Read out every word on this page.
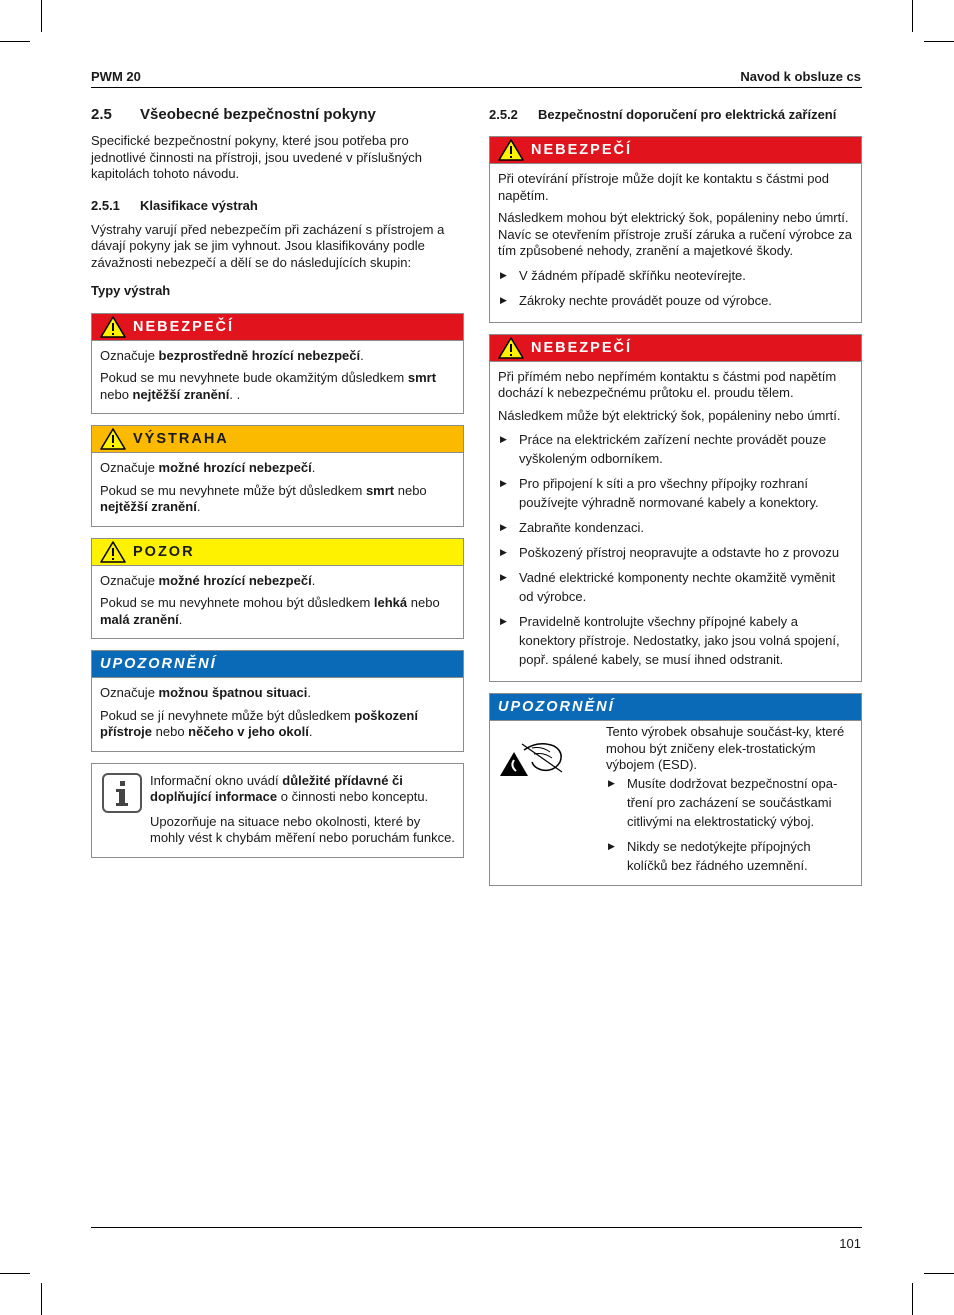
PWM 20	Navod k obsluze cs
2.5	Všeobecné bezpečnostní pokyny

Specifické bezpečnostní pokyny, které jsou potřeba pro jednotlivé činnosti na přístroji, jsou uvedené v příslušných kapitolách tohoto návodu.

2.5.1	Klasifikace výstrah

Výstrahy varují před nebezpečím při zacházení s přístrojem a dávají pokyny jak se jim vyhnout. Jsou klasifikovány podle závažnosti nebezpečí a dělí se do následujících skupin:

Typy výstrah

NEBEZPEČÍ

Označuje bezprostředně hrozící nebezpečí.

Pokud se mu nevyhnete bude okamžitým důsledkem smrt nebo nejtěžší zranění. .

VÝSTRAHA

Označuje možné hrozící nebezpečí.

Pokud se mu nevyhnete může být důsledkem smrt nebo nejtěžší zranění.

POZOR

Označuje možné hrozící nebezpečí.

Pokud se mu nevyhnete mohou být důsledkem lehká nebo malá zranění.

UPOZORNĚNÍ

Označuje možnou špatnou situaci.

Pokud se jí nevyhnete může být důsledkem poškození přístroje nebo něčeho v jeho okolí.

Informační okno uvádí důležité přídavné či doplňující informace o činnosti nebo konceptu.

Upozorňuje na situace nebo okolnosti, které by mohly vést k chybám měření nebo poruchám funkce.

2.5.2	Bezpečnostní doporučení pro elektrická zařízení
NEBEZPEČÍ

Při otevírání přístroje může dojít ke kontaktu s částmi pod napětím.

Následkem mohou být elektrický šok, popáleniny nebo úmrtí. Navíc se otevřením přístroje zruší záruka a ručení výrobce za tím způsobené nehody, zranění a majetkové škody.

▶ V žádném případě skříňku neotevírejte.
▶ Zákroky nechte provádět pouze od výrobce.
NEBEZPEČÍ

Při přímém nebo nepřímém kontaktu s částmi pod napětím dochází k nebezpečnému průtoku el. proudu tělem.

Následkem může být elektrický šok, popáleniny nebo úmrtí.

▶ Práce na elektrickém zařízení nechte provádět pouze vyškoleným odborníkem.
▶ Pro připojení k síti a pro všechny přípojky rozhraní používejte výhradně normované kabely a konektory.
▶ Zabraňte kondenzaci.
▶ Poškozený přístroj neopravujte a odstavte ho z provozu
▶ Vadné elektrické komponenty nechte okamžitě vyměnit od výrobce.
▶ Pravidelně kontrolujte všechny přípojné kabely a konektory přístroje. Nedostatky, jako jsou volná spojení, popř. spálené kabely, se musí ihned odstranit.
UPOZORNĚNÍ

Tento výrobek obsahuje součást-ky, které mohou být zničeny elek-trostatickým výbojem (ESD).

▶ Musíte dodržovat bezpečnostní opa-tření pro zacházení se součástkami citlivými na elektrostatický výboj.
▶ Nikdy se nedotýkejte přípojných kolíčků bez řádného uzemnění.
101
